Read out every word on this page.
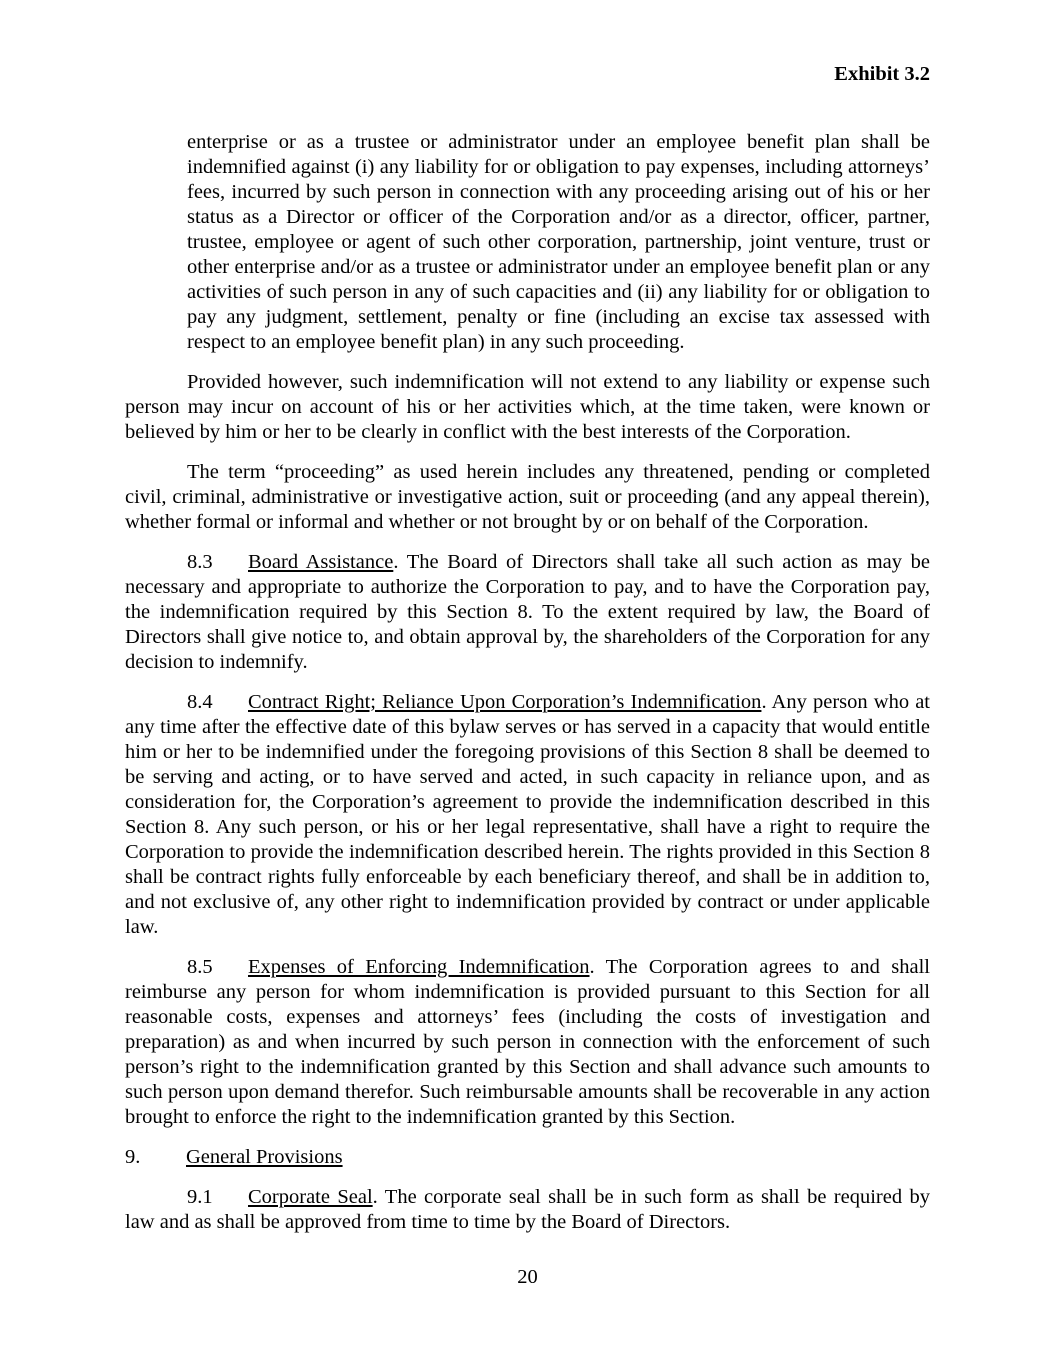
Exhibit 3.2

enterprise or as a trustee or administrator under an employee benefit plan shall be indemnified against (i) any liability for or obligation to pay expenses, including attorneys’ fees, incurred by such person in connection with any proceeding arising out of his or her status as a Director or officer of the Corporation and/or as a director, officer, partner, trustee, employee or agent of such other corporation, partnership, joint venture, trust or other enterprise and/or as a trustee or administrator under an employee benefit plan or any activities of such person in any of such capacities and (ii) any liability for or obligation to pay any judgment, settlement, penalty or fine (including an excise tax assessed with respect to an employee benefit plan) in any such proceeding.

Provided however, such indemnification will not extend to any liability or expense such person may incur on account of his or her activities which, at the time taken, were known or believed by him or her to be clearly in conflict with the best interests of the Corporation.

The term “proceeding” as used herein includes any threatened, pending or completed civil, criminal, administrative or investigative action, suit or proceeding (and any appeal therein), whether formal or informal and whether or not brought by or on behalf of the Corporation.

8.3 Board Assistance. The Board of Directors shall take all such action as may be necessary and appropriate to authorize the Corporation to pay, and to have the Corporation pay, the indemnification required by this Section 8. To the extent required by law, the Board of Directors shall give notice to, and obtain approval by, the shareholders of the Corporation for any decision to indemnify.

8.4 Contract Right; Reliance Upon Corporation’s Indemnification. Any person who at any time after the effective date of this bylaw serves or has served in a capacity that would entitle him or her to be indemnified under the foregoing provisions of this Section 8 shall be deemed to be serving and acting, or to have served and acted, in such capacity in reliance upon, and as consideration for, the Corporation’s agreement to provide the indemnification described in this Section 8. Any such person, or his or her legal representative, shall have a right to require the Corporation to provide the indemnification described herein. The rights provided in this Section 8 shall be contract rights fully enforceable by each beneficiary thereof, and shall be in addition to, and not exclusive of, any other right to indemnification provided by contract or under applicable law.

8.5 Expenses of Enforcing Indemnification. The Corporation agrees to and shall reimburse any person for whom indemnification is provided pursuant to this Section for all reasonable costs, expenses and attorneys’ fees (including the costs of investigation and preparation) as and when incurred by such person in connection with the enforcement of such person’s right to the indemnification granted by this Section and shall advance such amounts to such person upon demand therefor. Such reimbursable amounts shall be recoverable in any action brought to enforce the right to the indemnification granted by this Section.

9. General Provisions

9.1 Corporate Seal. The corporate seal shall be in such form as shall be required by law and as shall be approved from time to time by the Board of Directors.

20
